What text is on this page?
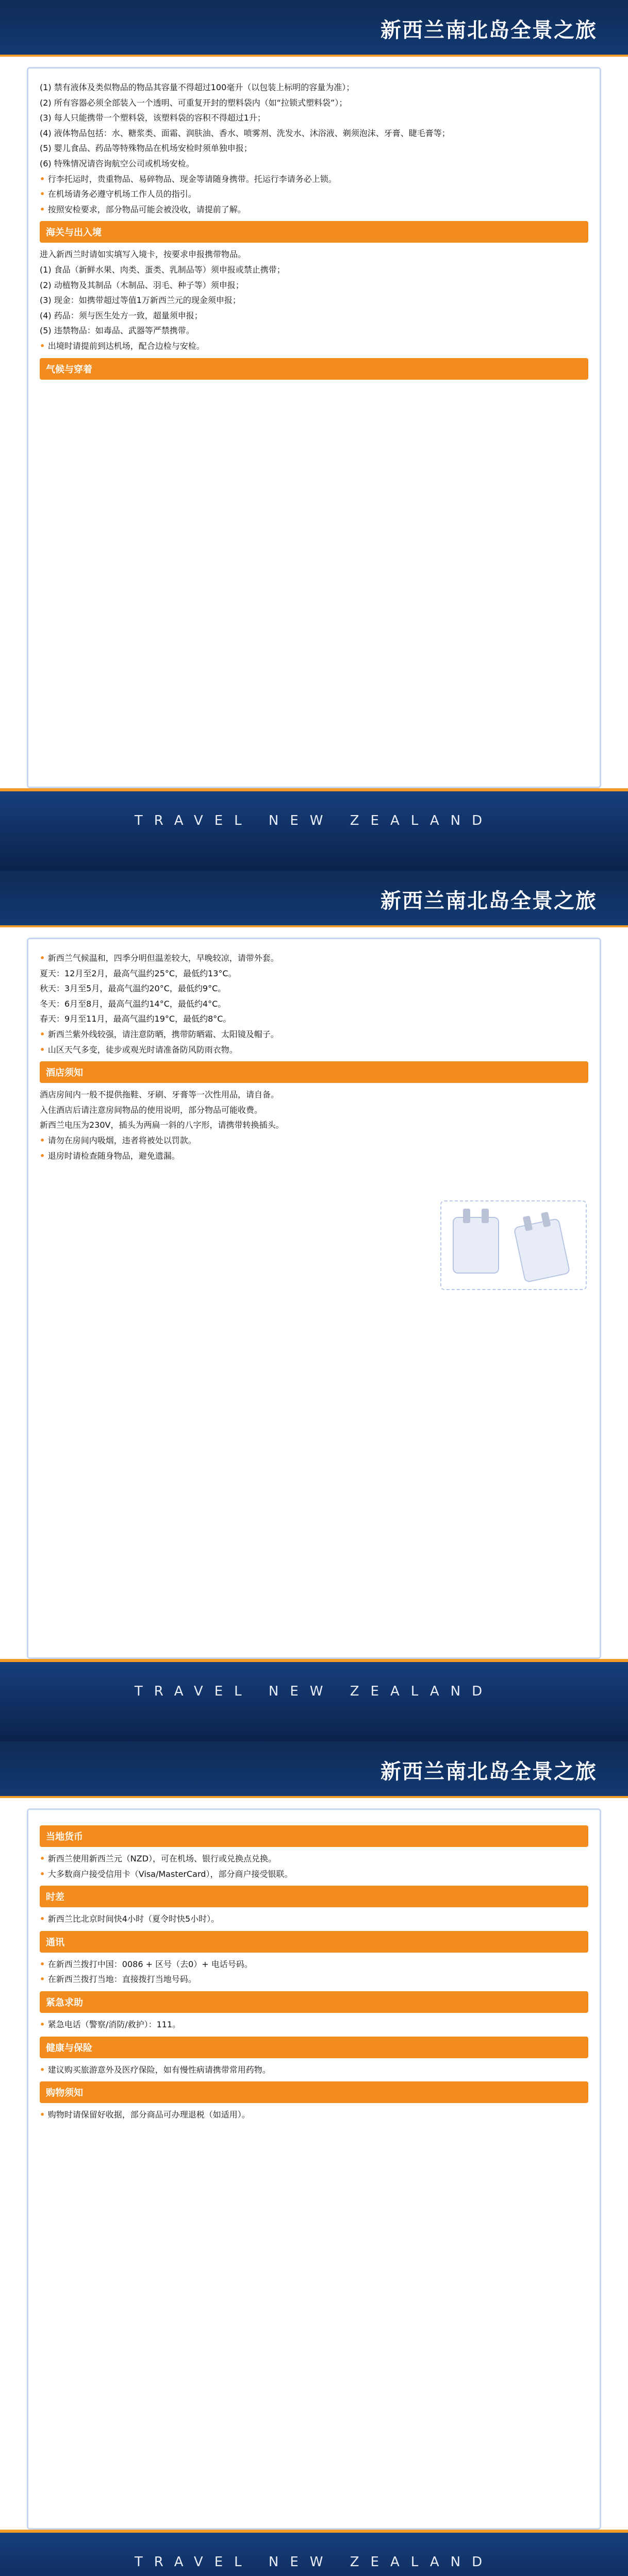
新西兰南北岛全景之旅
(1) 禁有液体及类似物品的物品其容量不得超过100毫升（以包装上标明的容量为准）；
(2) 所有容器必须全部装入一个透明、可重复开封的塑料袋内（如“拉锁式塑料袋”）；
(3) 每人只能携带一个塑料袋，该塑料袋的容积不得超过1升；
(4) 液体物品包括：水、糖浆类、面霜、润肤油、香水、喷雾剂、洗发水、沐浴液、剃须泡沫、牙膏、睫毛膏等；
(5) 婴儿食品、药品等特殊物品在机场安检时须单独申报；
(6) 特殊情况请咨询航空公司或机场安检。
• 行李托运时，贵重物品、易碎物品、现金等请随身携带。托运行李请务必上锁。
• 在机场请务必遵守机场工作人员的指引。
• 按照安检要求，部分物品可能会被没收，请提前了解。
海关与出入境
进入新西兰时请如实填写入境卡，按要求申报携带物品。
(1) 食品（新鲜水果、肉类、蛋类、乳制品等）须申报或禁止携带；
(2) 动植物及其制品（木制品、羽毛、种子等）须申报；
(3) 现金：如携带超过等值1万新西兰元的现金须申报；
(4) 药品：须与医生处方一致，超量须申报；
(5) 违禁物品：如毒品、武器等严禁携带。
• 出境时请提前到达机场，配合边检与安检。
气候与穿着
TRAVEL NEW ZEALAND
新西兰南北岛全景之旅
• 新西兰气候温和，四季分明但温差较大，早晚较凉，请带外套。
夏天：12月至2月，最高气温约25°C，最低约13°C。
秋天：3月至5月，最高气温约20°C，最低约9°C。
冬天：6月至8月，最高气温约14°C，最低约4°C。
春天：9月至11月，最高气温约19°C，最低约8°C。
• 新西兰紫外线较强，请注意防晒，携带防晒霜、太阳镜及帽子。
• 山区天气多变，徒步或观光时请准备防风防雨衣物。
酒店须知
酒店房间内一般不提供拖鞋、牙刷、牙膏等一次性用品，请自备。
入住酒店后请注意房间物品的使用说明，部分物品可能收费。
新西兰电压为230V，插头为两扁一斜的八字形，请携带转换插头。
• 请勿在房间内吸烟，违者将被处以罚款。
• 退房时请检查随身物品，避免遗漏。
TRAVEL NEW ZEALAND
新西兰南北岛全景之旅
当地货币
• 新西兰使用新西兰元（NZD），可在机场、银行或兑换点兑换。
• 大多数商户接受信用卡（Visa/MasterCard），部分商户接受银联。
时差
• 新西兰比北京时间快4小时（夏令时快5小时）。
通讯
• 在新西兰拨打中国：0086 + 区号（去0）+ 电话号码。
• 在新西兰拨打当地：直接拨打当地号码。
紧急求助
• 紧急电话（警察/消防/救护）：111。
健康与保险
• 建议购买旅游意外及医疗保险，如有慢性病请携带常用药物。
购物须知
• 购物时请保留好收据，部分商品可办理退税（如适用）。
TRAVEL NEW ZEALAND
